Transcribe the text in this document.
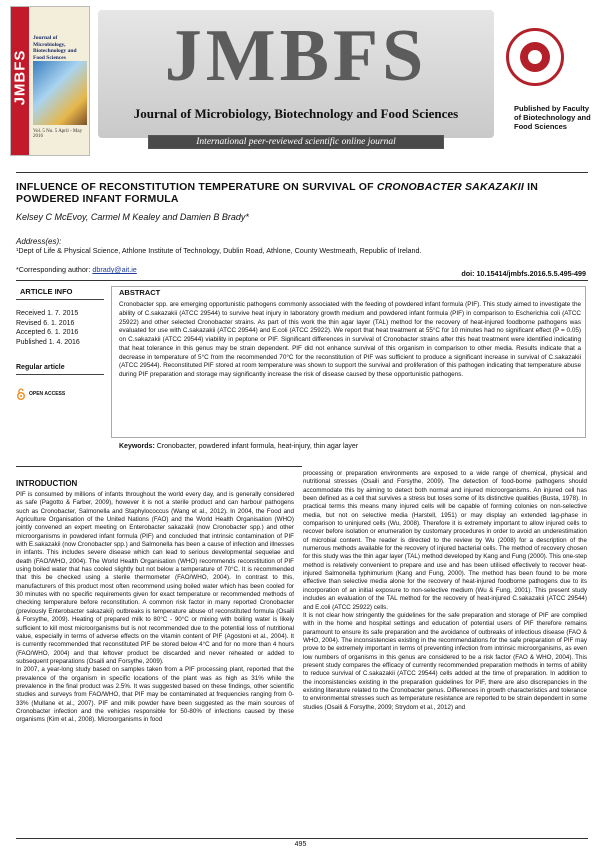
JMBFS
Journal of Microbiology, Biotechnology and Food Sciences
Vol. 5 No. 5 April - May 2016
JMBFS
Journal of Microbiology, Biotechnology and Food Sciences
International peer-reviewed scientific online journal
Published by Faculty of Biotechnology and Food Sciences
INFLUENCE OF RECONSTITUTION TEMPERATURE ON SURVIVAL OF CRONOBACTER SAKAZAKII IN POWDERED INFANT FORMULA
Kelsey C McEvoy, Carmel M Kealey and Damien B Brady*
Address(es):
¹Dept of Life & Physical Science, Athlone Institute of Technology, Dublin Road, Athlone, County Westmeath, Republic of Ireland.
*Corresponding author: dbrady@ait.ie	doi: 10.15414/jmbfs.2016.5.5.495-499
ARTICLE INFO
Received 1. 7. 2015
Revised 6. 1. 2016
Accepted 6. 1. 2016
Published 1. 4. 2016
Regular article
OPEN ACCESS
ABSTRACT
Cronobacter spp. are emerging opportunistic pathogens commonly associated with the feeding of powdered infant formula (PIF). This study aimed to investigate the ability of C.sakazakii (ATCC 29544) to survive heat injury in laboratory growth medium and powdered infant formula (PIF) in comparison to Escherichia coli (ATCC 25922) and other selected Cronobacter strains. As part of this work the thin agar layer (TAL) method for the recovery of heat-injured foodborne pathogens was evaluated for use with C.sakazakii (ATCC 29544) and E.coli (ATCC 25922). We report that heat treatment at 55°C for 10 minutes had no significant effect (P = 0.05) on C.sakazakii (ATCC 29544) viability in peptone or PIF. Significant differences in survival of Cronobacter strains after this heat treatment were identified indicating that heat tolerance in this genus may be strain dependent. PIF did not enhance survival of this organism in comparison to other media. Results indicate that a decrease in temperature of 5°C from the recommended 70°C for the reconstitution of PIF was sufficient to produce a significant increase in survival of C.sakazakii (ATCC 29544). Reconstituted PIF stored at room temperature was shown to support the survival and proliferation of this pathogen indicating that temperature abuse during PIF preparation and storage may significantly increase the risk of disease caused by these opportunistic pathogens.
Keywords: Cronobacter, powdered infant formula, heat-injury, thin agar layer
INTRODUCTION

PIF is consumed by millions of infants throughout the world every day, and is generally considered as safe (Pagotto & Farber, 2009), however it is not a sterile product and can harbour pathogens such as Cronobacter, Salmonella and Staphylococcus (Wang et al., 2012). In 2004, the Food and Agriculture Organisation of the United Nations (FAO) and the World Health Organisation (WHO) jointly convened an expert meeting on Enterobacter sakazakii (now Cronobacter spp.) and other microorganisms in powdered infant formula (PIF) and concluded that intrinsic contamination of PIF with E.sakazakii (now Cronobacter spp.) and Salmonella has been a cause of infection and illnesses in infants. This includes severe disease which can lead to serious developmental sequelae and death (FAO/WHO, 2004). The World Health Organisation (WHO) recommends reconstitution of PIF using boiled water that has cooled slightly but not below a temperature of 70°C. It is recommended that this be checked using a sterile thermometer (FAO/WHO, 2004). In contrast to this, manufacturers of this product most often recommend using boiled water which has been cooled for 30 minutes with no specific requirements given for exact temperature or recommended methods of checking temperature before reconstitution. A common risk factor in many reported Cronobacter (previously Enterobacter sakazakii) outbreaks is temperature abuse of reconstituted formula (Osaili & Forsythe, 2009). Heating of prepared milk to 80°C - 90°C or mixing with boiling water is likely sufficient to kill most microorganisms but is not recommended due to the potential loss of nutritional value, especially in terms of adverse effects on the vitamin content of PIF (Agostoni et al., 2004). It is currently recommended that reconstituted PIF be stored below 4°C and for no more than 4 hours (FAO/WHO, 2004) and that leftover product be discarded and never reheated or added to subsequent preparations (Osaili and Forsythe, 2009).

In 2007, a year-long study based on samples taken from a PIF processing plant, reported that the prevalence of the organism in specific locations of the plant was as high as 31% while the prevalence in the final product was 2.5%. It was suggested based on these findings, other scientific studies and surveys from FAO/WHO, that PIF may be contaminated at frequencies ranging from 0-33% (Mullane et al., 2007). PIF and milk powder have been suggested as the main sources of Cronobacter infection and the vehicles responsible for 50-80% of infections caused by these organisms (Kim et al., 2008). Microorganisms in food

processing or preparation environments are exposed to a wide range of chemical, physical and nutritional stresses (Osaili and Forsythe, 2009). The detection of food-borne pathogens should accommodate this by aiming to detect both normal and injured microorganisms. An injured cell has been defined as a cell that survives a stress but loses some of its distinctive qualities (Busta, 1978). In practical terms this means many injured cells will be capable of forming colonies on non-selective media, but not on selective media (Harstell, 1951) or may display an extended lag-phase in comparison to uninjured cells (Wu, 2008). Therefore it is extremely important to allow injured cells to recover before isolation or enumeration by customary procedures in order to avoid an underestimation of microbial content. The reader is directed to the review by Wu (2008) for a description of the numerous methods available for the recovery of injured bacterial cells. The method of recovery chosen for this study was the thin agar layer (TAL) method developed by Kang and Fung (2000). This one-step method is relatively convenient to prepare and use and has been utilised effectively to recover heat-injured Salmonella typhimurium (Kang and Fung, 2000). The method has been found to be more effective than selective media alone for the recovery of heat-injured foodborne pathogens due to its incorporation of an initial exposure to non-selective medium (Wu & Fung, 2001). This present study includes an evaluation of the TAL method for the recovery of heat-injured C.sakazakii (ATCC 29544) and E.coli (ATCC 25922) cells.

It is not clear how stringently the guidelines for the safe preparation and storage of PIF are complied with in the home and hospital settings and education of potential users of PIF therefore remains paramount to ensure its safe preparation and the avoidance of outbreaks of infectious disease (FAO & WHO, 2004). The inconsistencies existing in the recommendations for the safe preparation of PIF may prove to be extremely important in terms of preventing infection from intrinsic microorganisms, as even low numbers of organisms in this genus are considered to be a risk factor (FAO & WHO, 2004). This present study compares the efficacy of currently recommended preparation methods in terms of ability to reduce survival of C.sakazakii (ATCC 29544) cells added at the time of preparation. In addition to the inconsistencies existing in the preparation guidelines for PIF, there are also discrepancies in the existing literature related to the Cronobacter genus. Differences in growth characteristics and tolerance to environmental stresses such as temperature resistance are reported to be strain dependent in some studies (Osaili & Forsythe, 2009; Strydom et al., 2012) and

495
